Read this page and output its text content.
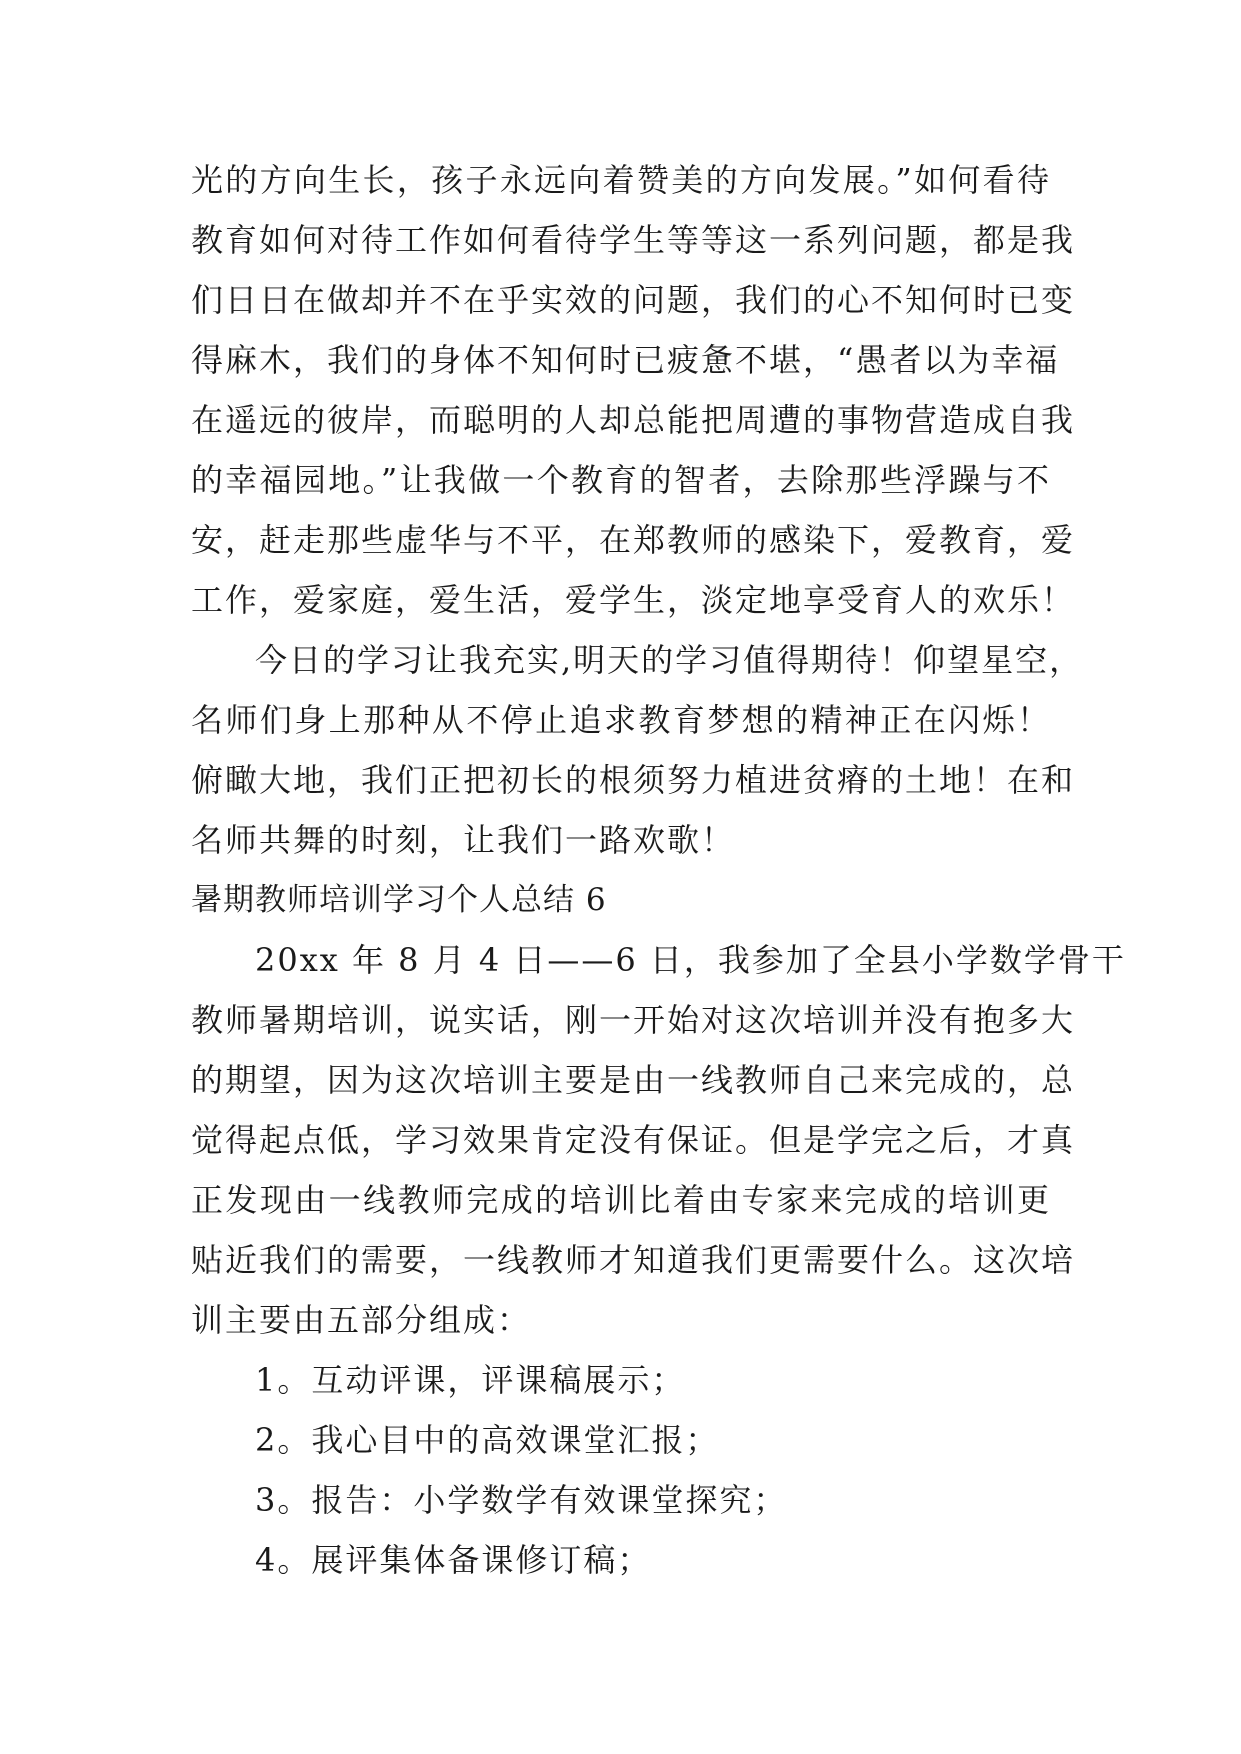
光的方向生长，孩子永远向着赞美的方向发展。”如何看待
教育如何对待工作如何看待学生等等这一系列问题，都是我
们日日在做却并不在乎实效的问题，我们的心不知何时已变
得麻木，我们的身体不知何时已疲惫不堪，“愚者以为幸福
在遥远的彼岸，而聪明的人却总能把周遭的事物营造成自我
的幸福园地。”让我做一个教育的智者，去除那些浮躁与不
安，赶走那些虚华与不平，在郑教师的感染下，爱教育，爱
工作，爱家庭，爱生活，爱学生，淡定地享受育人的欢乐！
今日的学习让我充实,明天的学习值得期待！仰望星空，
名师们身上那种从不停止追求教育梦想的精神正在闪烁！
俯瞰大地，我们正把初长的根须努力植进贫瘠的土地！在和
名师共舞的时刻，让我们一路欢歌！
暑期教师培训学习个人总结 6
20xx 年 8 月 4 日——6 日，我参加了全县小学数学骨干
教师暑期培训，说实话，刚一开始对这次培训并没有抱多大
的期望，因为这次培训主要是由一线教师自己来完成的，总
觉得起点低，学习效果肯定没有保证。但是学完之后，才真
正发现由一线教师完成的培训比着由专家来完成的培训更
贴近我们的需要，一线教师才知道我们更需要什么。这次培
训主要由五部分组成：
1。互动评课，评课稿展示；
2。我心目中的高效课堂汇报；
3。报告：小学数学有效课堂探究；
4。展评集体备课修订稿；
